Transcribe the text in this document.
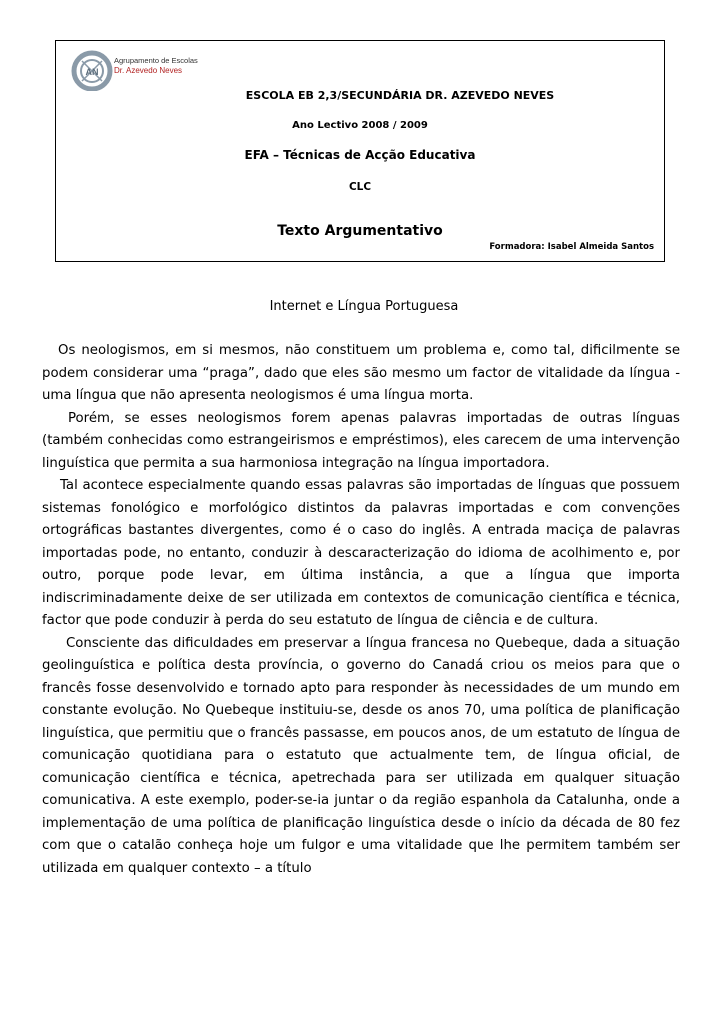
AN
Agrupamento de Escolas
Dr. Azevedo Neves
ESCOLA EB 2,3/SECUNDÁRIA DR. AZEVEDO NEVES
Ano Lectivo 2008 / 2009
EFA – Técnicas de Acção Educativa
CLC
Texto Argumentativo
Formadora: Isabel Almeida Santos
Internet e Língua Portuguesa

Os neologismos, em si mesmos, não constituem um problema e, como tal, dificilmente se podem considerar uma “praga”, dado que eles são mesmo um factor de vitalidade da língua - uma língua que não apresenta neologismos é uma língua morta.

Porém, se esses neologismos forem apenas palavras importadas de outras línguas (também conhecidas como estrangeirismos e empréstimos), eles carecem de uma intervenção linguística que permita a sua harmoniosa integração na língua importadora.

Tal acontece especialmente quando essas palavras são importadas de línguas que possuem sistemas fonológico e morfológico distintos da palavras importadas e com convenções ortográficas bastantes divergentes, como é o caso do inglês. A entrada maciça de palavras importadas pode, no entanto, conduzir à descaracterização do idioma de acolhimento e, por outro, porque pode levar, em última instância, a que a língua que importa indiscriminadamente deixe de ser utilizada em contextos de comunicação científica e técnica, factor que pode conduzir à perda do seu estatuto de língua de ciência e de cultura.

Consciente das dificuldades em preservar a língua francesa no Quebeque, dada a situação geolinguística e política desta província, o governo do Canadá criou os meios para que o francês fosse desenvolvido e tornado apto para responder às necessidades de um mundo em constante evolução. No Quebeque instituiu-se, desde os anos 70, uma política de planificação linguística, que permitiu que o francês passasse, em poucos anos, de um estatuto de língua de comunicação quotidiana para o estatuto que actualmente tem, de língua oficial, de comunicação científica e técnica, apetrechada para ser utilizada em qualquer situação comunicativa. A este exemplo, poder-se-ia juntar o da região espanhola da Catalunha, onde a implementação de uma política de planificação linguística desde o início da década de 80 fez com que o catalão conheça hoje um fulgor e uma vitalidade que lhe permitem também ser utilizada em qualquer contexto – a título
